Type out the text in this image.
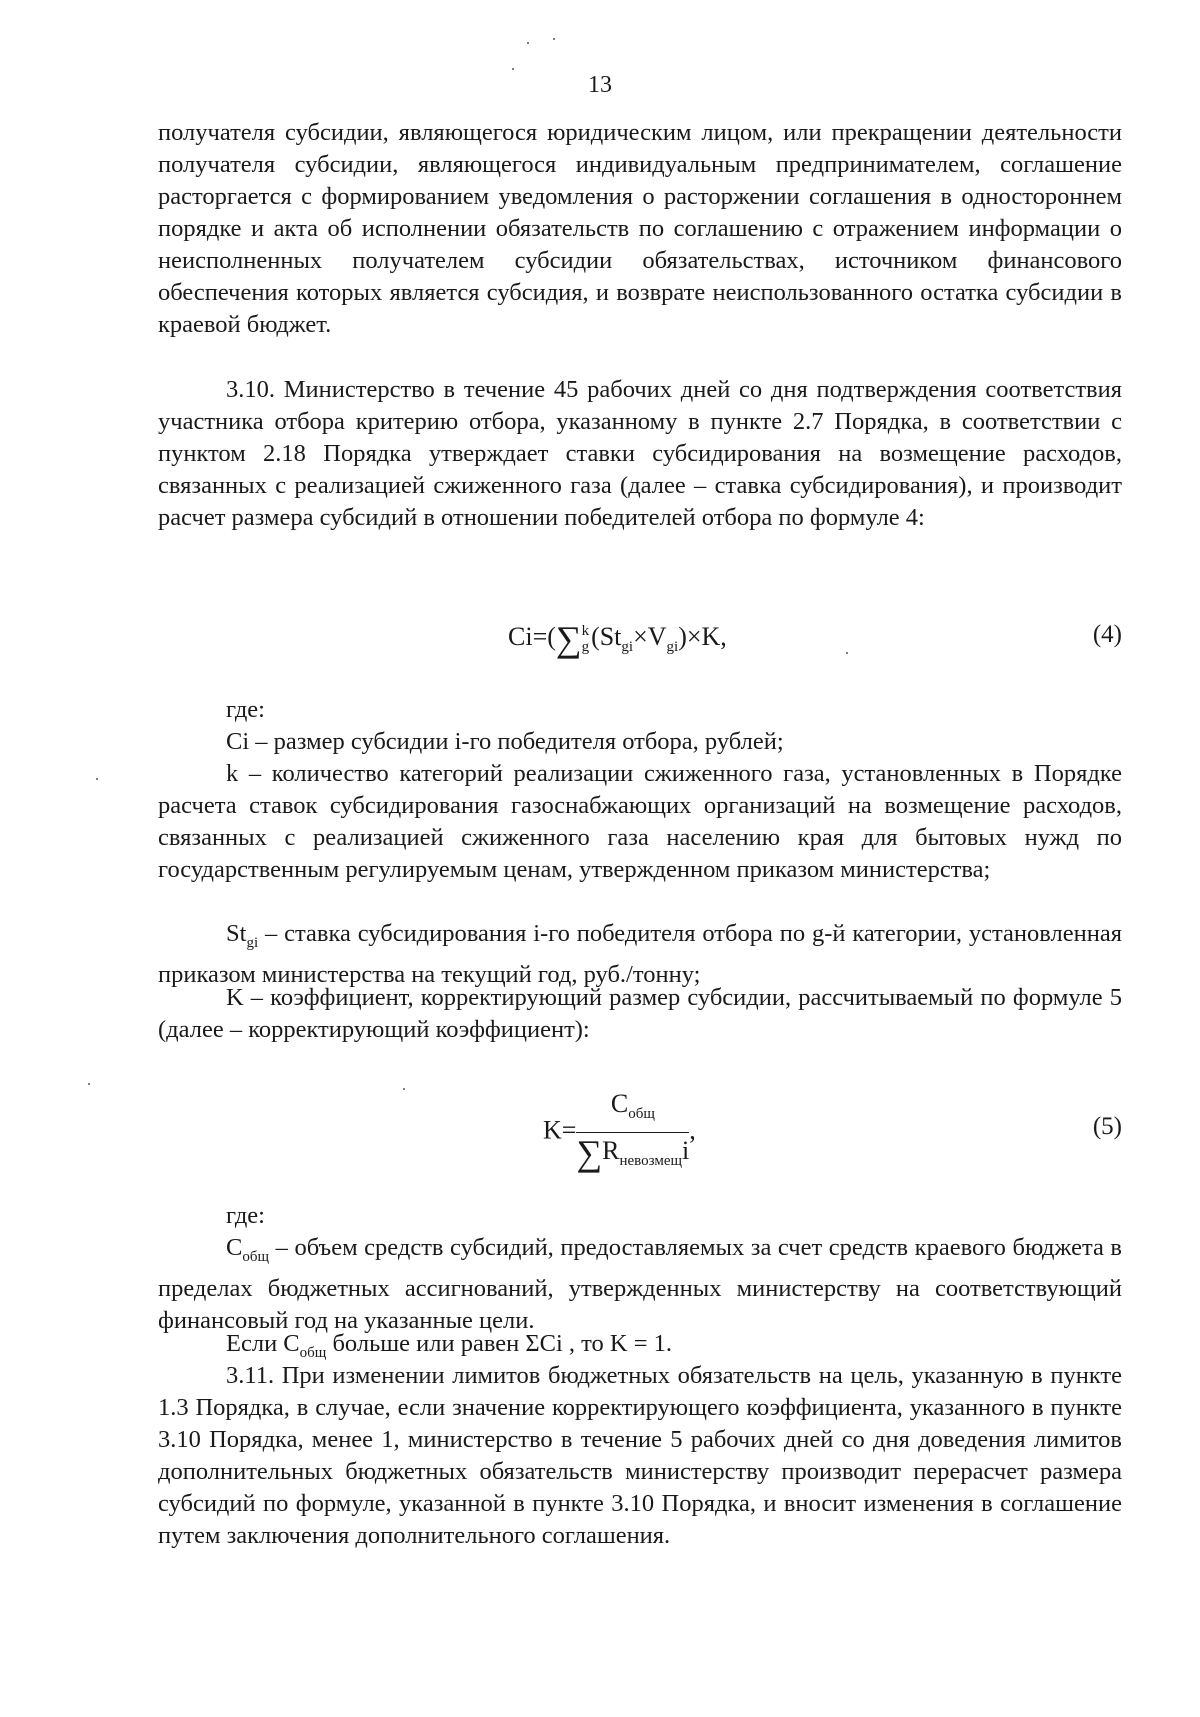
13

получателя субсидии, являющегося юридическим лицом, или прекращении деятельности получателя субсидии, являющегося индивидуальным предпринимателем, соглашение расторгается с формированием уведомления о расторжении соглашения в одностороннем порядке и акта об исполнении обязательств по соглашению с отражением информации о неисполненных получателем субсидии обязательствах, источником финансового обеспечения которых является субсидия, и возврате неиспользованного остатка субсидии в краевой бюджет.

3.10. Министерство в течение 45 рабочих дней со дня подтверждения соответствия участника отбора критерию отбора, указанному в пункте 2.7 Порядка, в соответствии с пунктом 2.18 Порядка утверждает ставки субсидирования на возмещение расходов, связанных с реализацией сжиженного газа (далее – ставка субсидирования), и производит расчет размера субсидий в отношении победителей отбора по формуле 4:

Ci=(∑ k
g $(St_{gi}\times V_{gi})\times K$,	(4)

где:

Ci – размер субсидии i-го победителя отбора, рублей;

k – количество категорий реализации сжиженного газа, установленных в Порядке расчета ставок субсидирования газоснабжающих организаций на возмещение расходов, связанных с реализацией сжиженного газа населению края для бытовых нужд по государственным регулируемым ценам, утвержденном приказом министерства;

$St_{gi}$ – ставка субсидирования i-го победителя отбора по g-й категории, установленная приказом министерства на текущий год, руб./тонну;

K – коэффициент, корректирующий размер субсидии, рассчитываемый по формуле 5 (далее – корректирующий коэффициент):

$K= \frac{C_{общ}}{\sum R_{невозмещ}i}$ ,	(5)

где:

$C_{общ}$ – объем средств субсидий, предоставляемых за счет средств краевого бюджета в пределах бюджетных ассигнований, утвержденных министерству на соответствующий финансовый год на указанные цели.

Если $C_{общ}$ больше или равен ΣCi , то K = 1.

3.11. При изменении лимитов бюджетных обязательств на цель, указанную в пункте 1.3 Порядка, в случае, если значение корректирующего коэффициента, указанного в пункте 3.10 Порядка, менее 1, министерство в течение 5 рабочих дней со дня доведения лимитов дополнительных бюджетных обязательств министерству производит перерасчет размера субсидий по формуле, указанной в пункте 3.10 Порядка, и вносит изменения в соглашение путем заключения дополнительного соглашения.
